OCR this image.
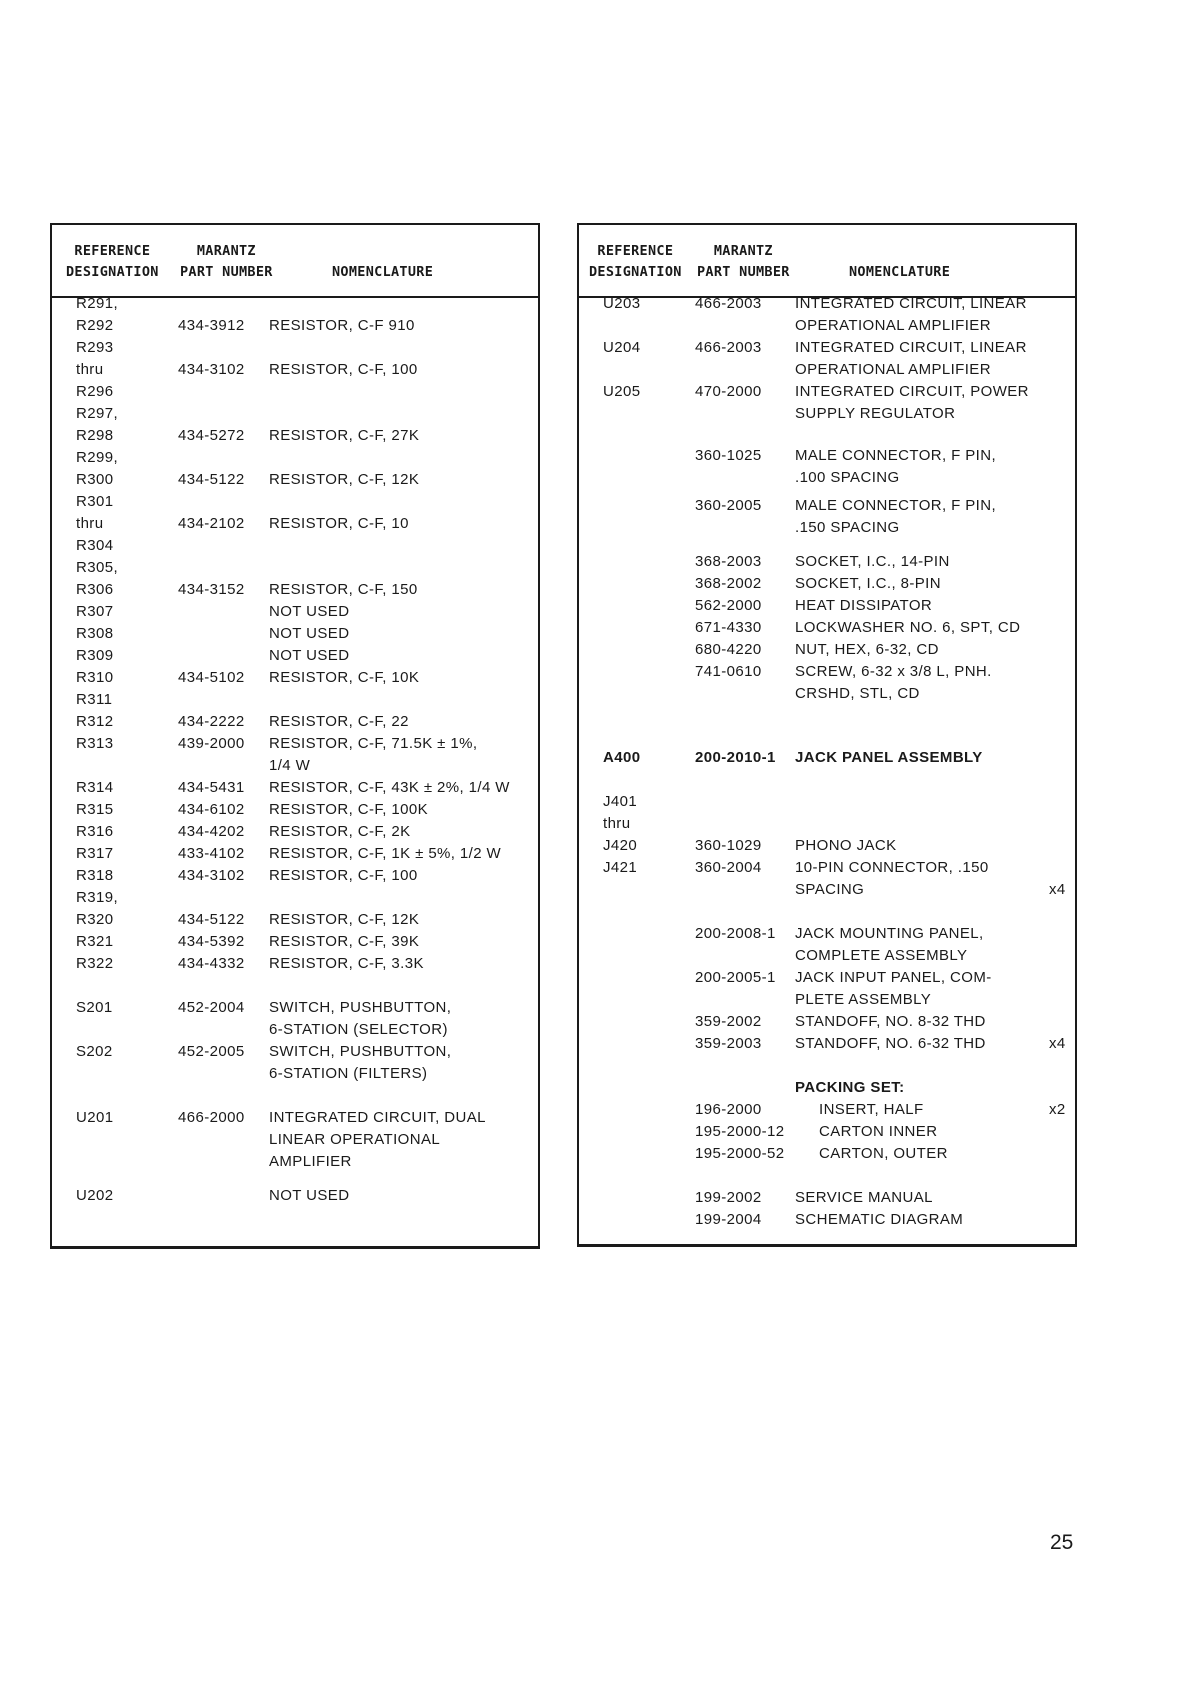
REFERENCE
DESIGNATION
MARANTZ
PART NUMBER	NOMENCLATURE
R291,
R292	434-3912 RESISTOR, C-F 910
R293
thru	434-3102 RESISTOR, C-F, 100
R296
R297,
R298	434-5272 RESISTOR, C-F, 27K
R299,
R300	434-5122 RESISTOR, C-F, 12K
R301
thru	434-2102 RESISTOR, C-F, 10
R304
R305,
R306	434-3152 RESISTOR, C-F, 150
R307	NOT USED
R308	NOT USED
R309	NOT USED
R310	434-5102 RESISTOR, C-F, 10K
R311
R312	434-2222 RESISTOR, C-F, 22
R313	439-2000 RESISTOR, C-F, 71.5K ± 1%,
1/4 W
R314	434-5431 RESISTOR, C-F, 43K ± 2%, 1/4 W
R315	434-6102 RESISTOR, C-F, 100K
R316	434-4202 RESISTOR, C-F, 2K
R317	433-4102 RESISTOR, C-F, 1K ± 5%, 1/2 W
R318	434-3102 RESISTOR, C-F, 100
R319,
R320	434-5122 RESISTOR, C-F, 12K
R321	434-5392 RESISTOR, C-F, 39K
R322	434-4332 RESISTOR, C-F, 3.3K
S201	452-2004 SWITCH, PUSHBUTTON,
6-STATION (SELECTOR)
S202	452-2005 SWITCH, PUSHBUTTON,
6-STATION (FILTERS)
U201	466-2000 INTEGRATED CIRCUIT, DUAL
LINEAR OPERATIONAL
AMPLIFIER
U202	NOT USED
REFERENCE
DESIGNATION
MARANTZ
PART NUMBER	NOMENCLATURE
U203	466-2003 INTEGRATED CIRCUIT, LINEAR
OPERATIONAL AMPLIFIER
U204	466-2003 INTEGRATED CIRCUIT, LINEAR
OPERATIONAL AMPLIFIER
U205	470-2000 INTEGRATED CIRCUIT, POWER
SUPPLY REGULATOR
360-1025 MALE CONNECTOR, F PIN,
.100 SPACING
360-2005 MALE CONNECTOR, F PIN,
.150 SPACING
368-2003 SOCKET, I.C., 14-PIN
368-2002 SOCKET, I.C., 8-PIN
562-2000 HEAT DISSIPATOR
671-4330 LOCKWASHER NO. 6, SPT, CD
680-4220 NUT, HEX, 6-32, CD
741-0610 SCREW, 6-32 x 3/8 L, PNH.
CRSHD, STL, CD
A400	200-2010-1 JACK PANEL ASSEMBLY
J401
thru
J420	360-1029 PHONO JACK
J421	360-2004 10-PIN CONNECTOR, .150
SPACING	x4
200-2008-1 JACK MOUNTING PANEL,
COMPLETE ASSEMBLY
200-2005-1 JACK INPUT PANEL, COM-
PLETE ASSEMBLY
359-2002 STANDOFF, NO. 8-32 THD
359-2003 STANDOFF, NO. 6-32 THD	x4
PACKING SET:
196-2000	INSERT, HALF	x2
195-2000-12 CARTON INNER
195-2000-52 CARTON, OUTER
199-2002 SERVICE MANUAL
199-2004 SCHEMATIC DIAGRAM
25
